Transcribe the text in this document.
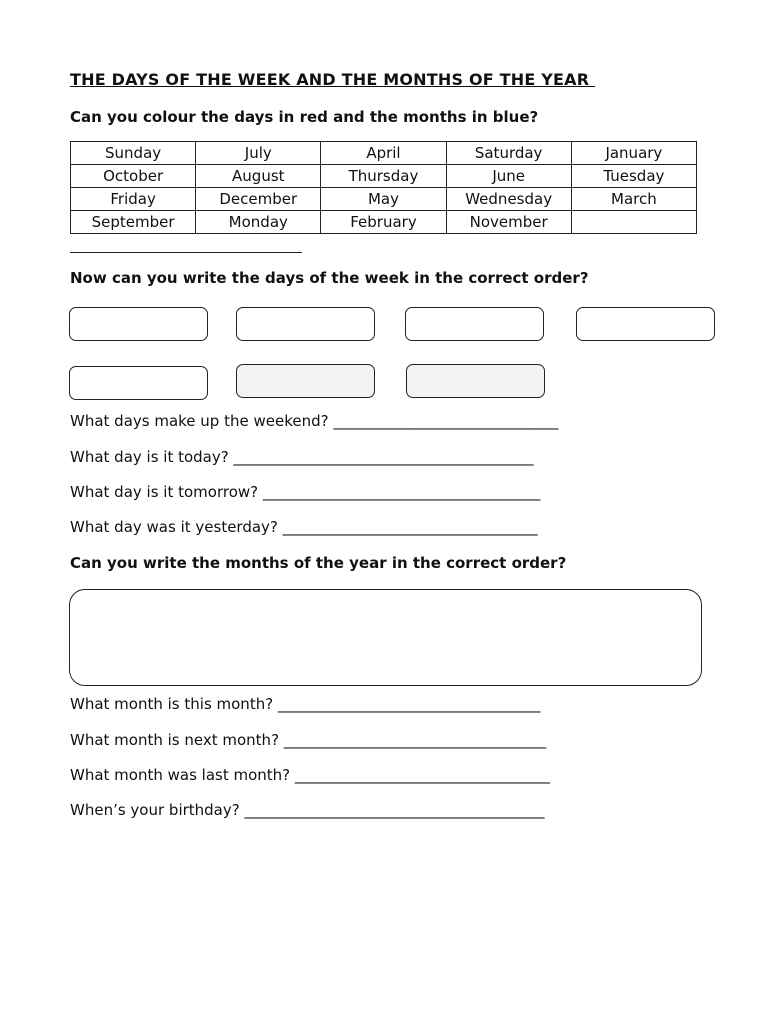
THE DAYS OF THE WEEK AND THE MONTHS OF THE YEAR
Can you colour the days in red and the months in blue?
Sunday	July	April	Saturday	January
October	August	Thursday	June	Tuesday
Friday	December	May	Wednesday	March
September	Monday	February	November	
Now can you write the days of the week in the correct order?
What days make up the weekend? ______________________________
What day is it today? ________________________________________
What day is it tomorrow? _____________________________________
What day was it yesterday? __________________________________
Can you write the months of the year in the correct order?
What month is this month? ___________________________________
What month is next month? ___________________________________
What month was last month? __________________________________
When’s your birthday? ________________________________________
